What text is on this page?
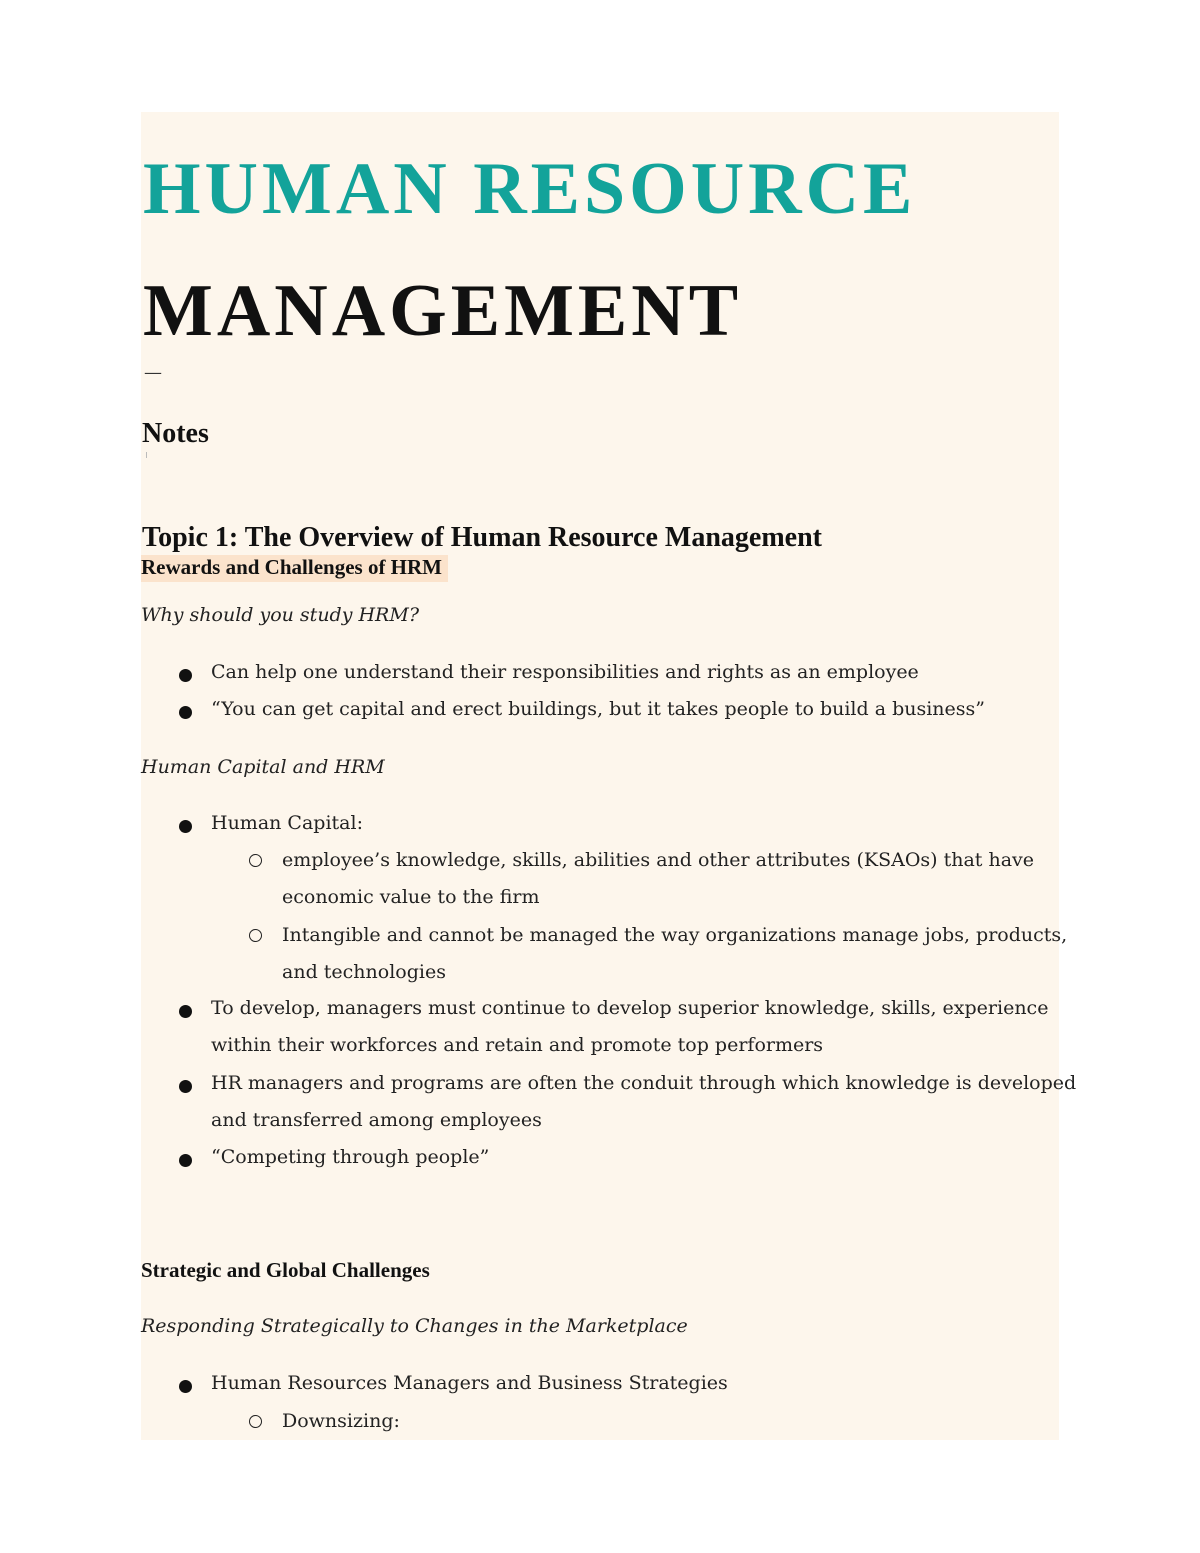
HUMAN RESOURCE
MANAGEMENT
—
Notes
Topic 1: The Overview of Human Resource Management
Rewards and Challenges of HRM
Why should you study HRM?
Can help one understand their responsibilities and rights as an employee
“You can get capital and erect buildings, but it takes people to build a business”
Human Capital and HRM
Human Capital:
employee’s knowledge, skills, abilities and other attributes (KSAOs) that have
economic value to the firm
Intangible and cannot be managed the way organizations manage jobs, products,
and technologies
To develop, managers must continue to develop superior knowledge, skills, experience
within their workforces and retain and promote top performers
HR managers and programs are often the conduit through which knowledge is developed
and transferred among employees
“Competing through people”
Strategic and Global Challenges
Responding Strategically to Changes in the Marketplace
Human Resources Managers and Business Strategies
Downsizing:
